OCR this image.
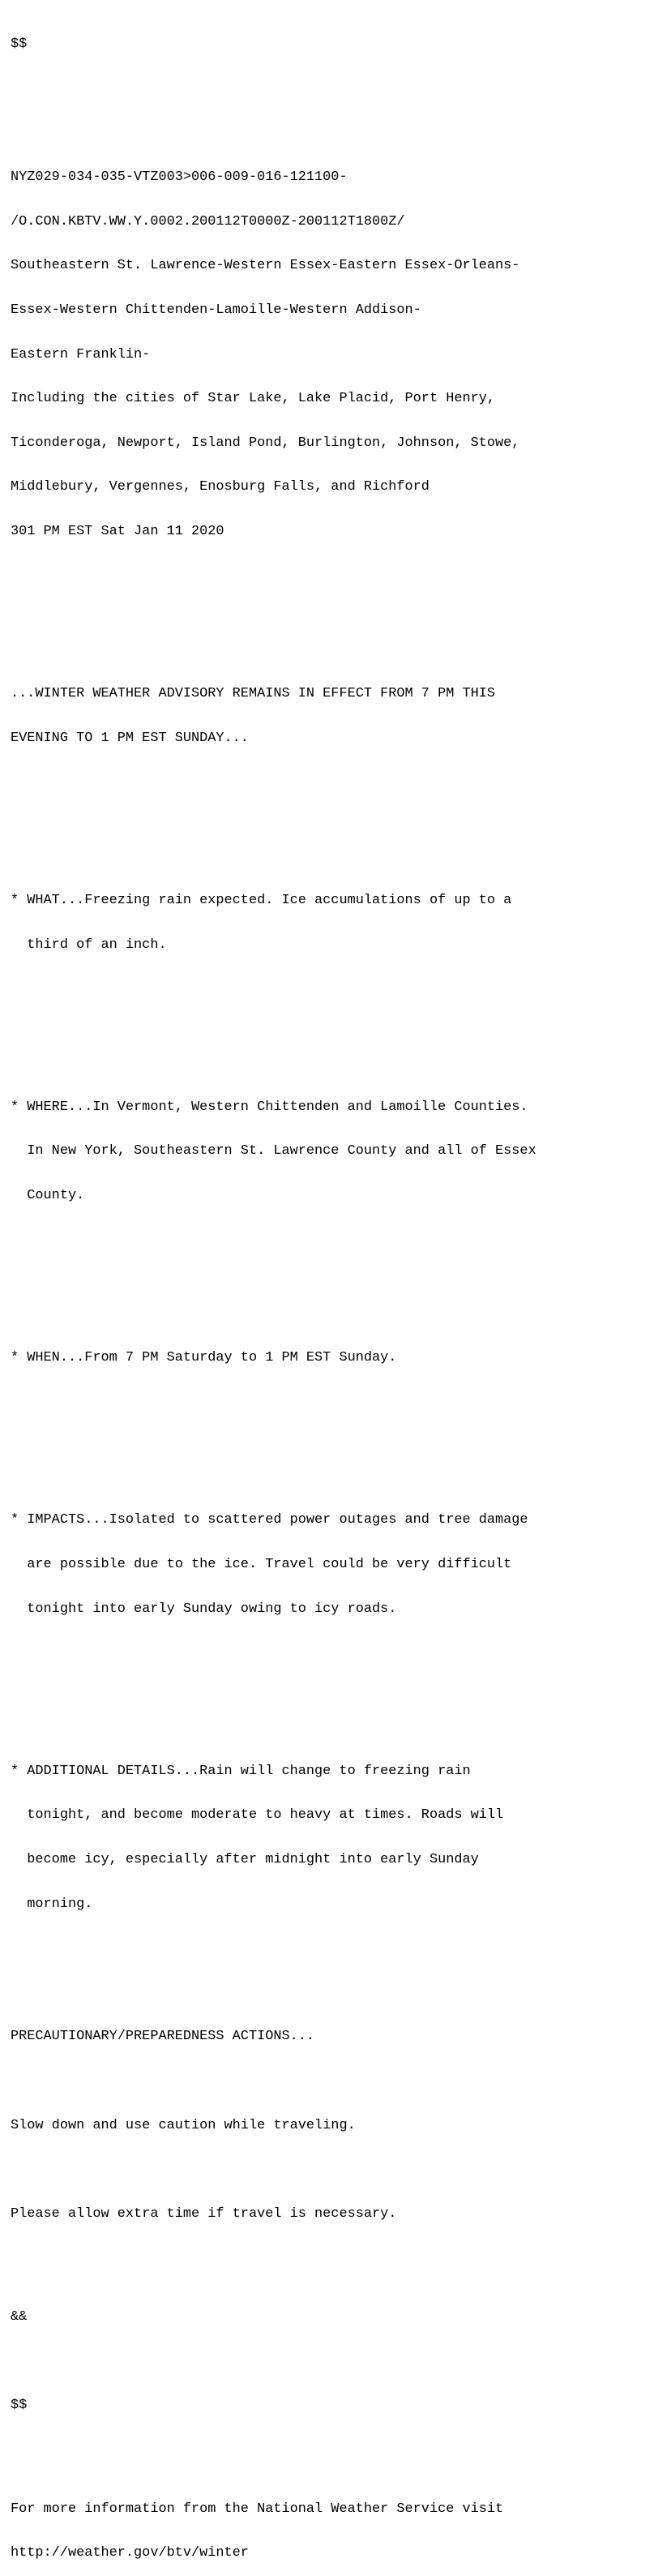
$$

NYZ029-034-035-VTZ003>006-009-016-121100-

/O.CON.KBTV.WW.Y.0002.200112T0000Z-200112T1800Z/

Southeastern St. Lawrence-Western Essex-Eastern Essex-Orleans-

Essex-Western Chittenden-Lamoille-Western Addison-

Eastern Franklin-

Including the cities of Star Lake, Lake Placid, Port Henry,

Ticonderoga, Newport, Island Pond, Burlington, Johnson, Stowe,

Middlebury, Vergennes, Enosburg Falls, and Richford

301 PM EST Sat Jan 11 2020

...WINTER WEATHER ADVISORY REMAINS IN EFFECT FROM 7 PM THIS

EVENING TO 1 PM EST SUNDAY...

* WHAT...Freezing rain expected. Ice accumulations of up to a

third of an inch.

* WHERE...In Vermont, Western Chittenden and Lamoille Counties.

In New York, Southeastern St. Lawrence County and all of Essex

County.

* WHEN...From 7 PM Saturday to 1 PM EST Sunday.

* IMPACTS...Isolated to scattered power outages and tree damage

are possible due to the ice. Travel could be very difficult

tonight into early Sunday owing to icy roads.

* ADDITIONAL DETAILS...Rain will change to freezing rain

tonight, and become moderate to heavy at times. Roads will

become icy, especially after midnight into early Sunday

morning.

PRECAUTIONARY/PREPAREDNESS ACTIONS...

Slow down and use caution while traveling.

Please allow extra time if travel is necessary.

&&

$$

For more information from the National Weather Service visit

http://weather.gov/btv/winter
